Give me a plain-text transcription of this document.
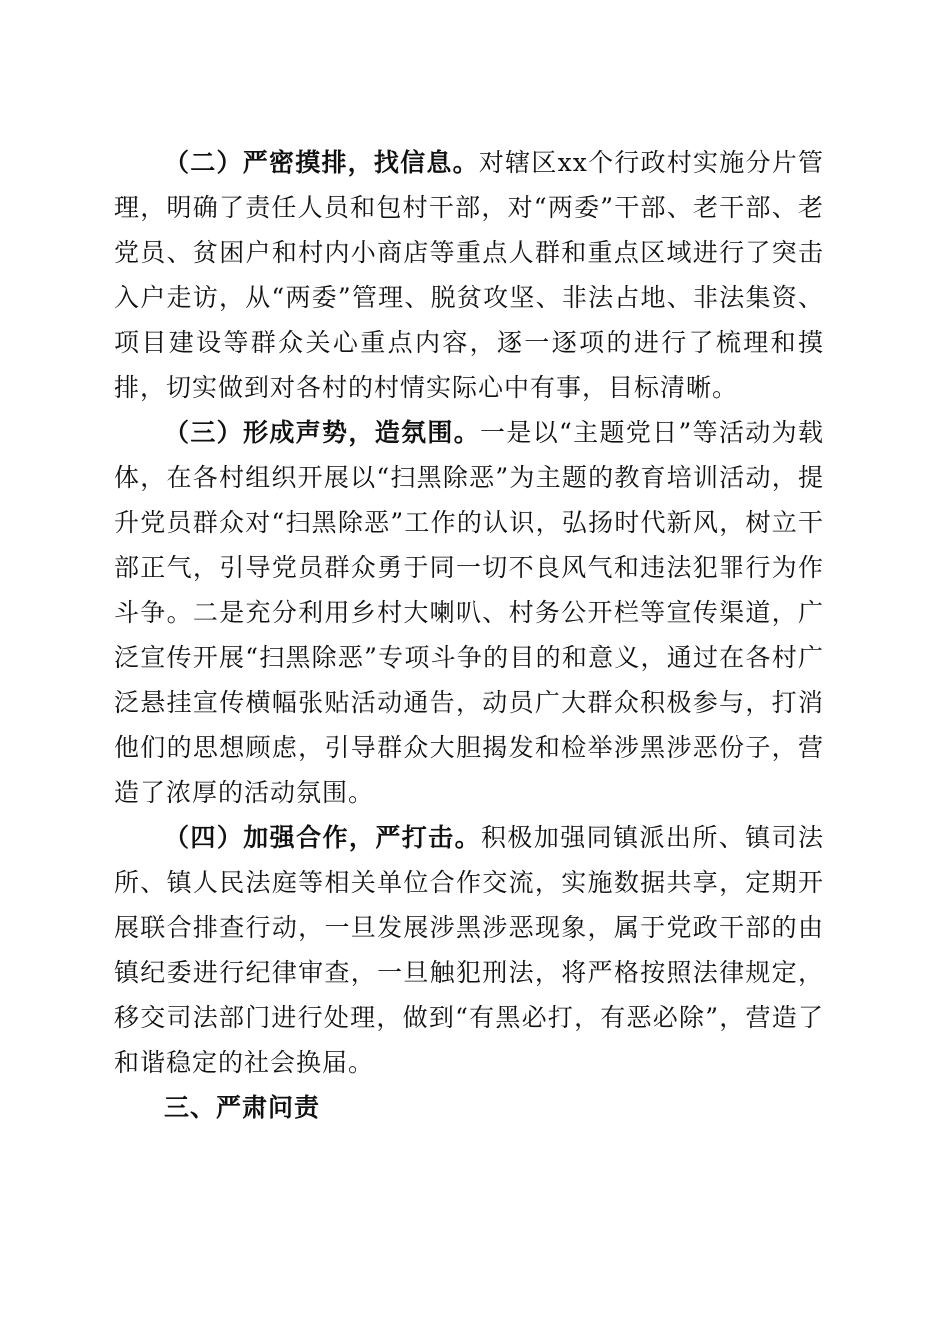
（二）严密摸排，找信息。对辖区xx个行政村实施分片管理，明确了责任人员和包村干部，对“两委”干部、老干部、老党员、贫困户和村内小商店等重点人群和重点区域进行了突击入户走访，从“两委”管理、脱贫攻坚、非法占地、非法集资、项目建设等群众关心重点内容，逐一逐项的进行了梳理和摸排，切实做到对各村的村情实际心中有事，目标清晰。

（三）形成声势，造氛围。一是以“主题党日”等活动为载体，在各村组织开展以“扫黑除恶”为主题的教育培训活动，提升党员群众对“扫黑除恶”工作的认识，弘扬时代新风，树立干部正气，引导党员群众勇于同一切不良风气和违法犯罪行为作斗争。二是充分利用乡村大喇叭、村务公开栏等宣传渠道，广泛宣传开展“扫黑除恶”专项斗争的目的和意义，通过在各村广泛悬挂宣传横幅张贴活动通告，动员广大群众积极参与，打消他们的思想顾虑，引导群众大胆揭发和检举涉黑涉恶份子，营造了浓厚的活动氛围。

（四）加强合作，严打击。积极加强同镇派出所、镇司法所、镇人民法庭等相关单位合作交流，实施数据共享，定期开展联合排查行动，一旦发展涉黑涉恶现象，属于党政干部的由镇纪委进行纪律审查，一旦触犯刑法，将严格按照法律规定，移交司法部门进行处理，做到“有黑必打，有恶必除”，营造了和谐稳定的社会换届。

三、严肃问责
